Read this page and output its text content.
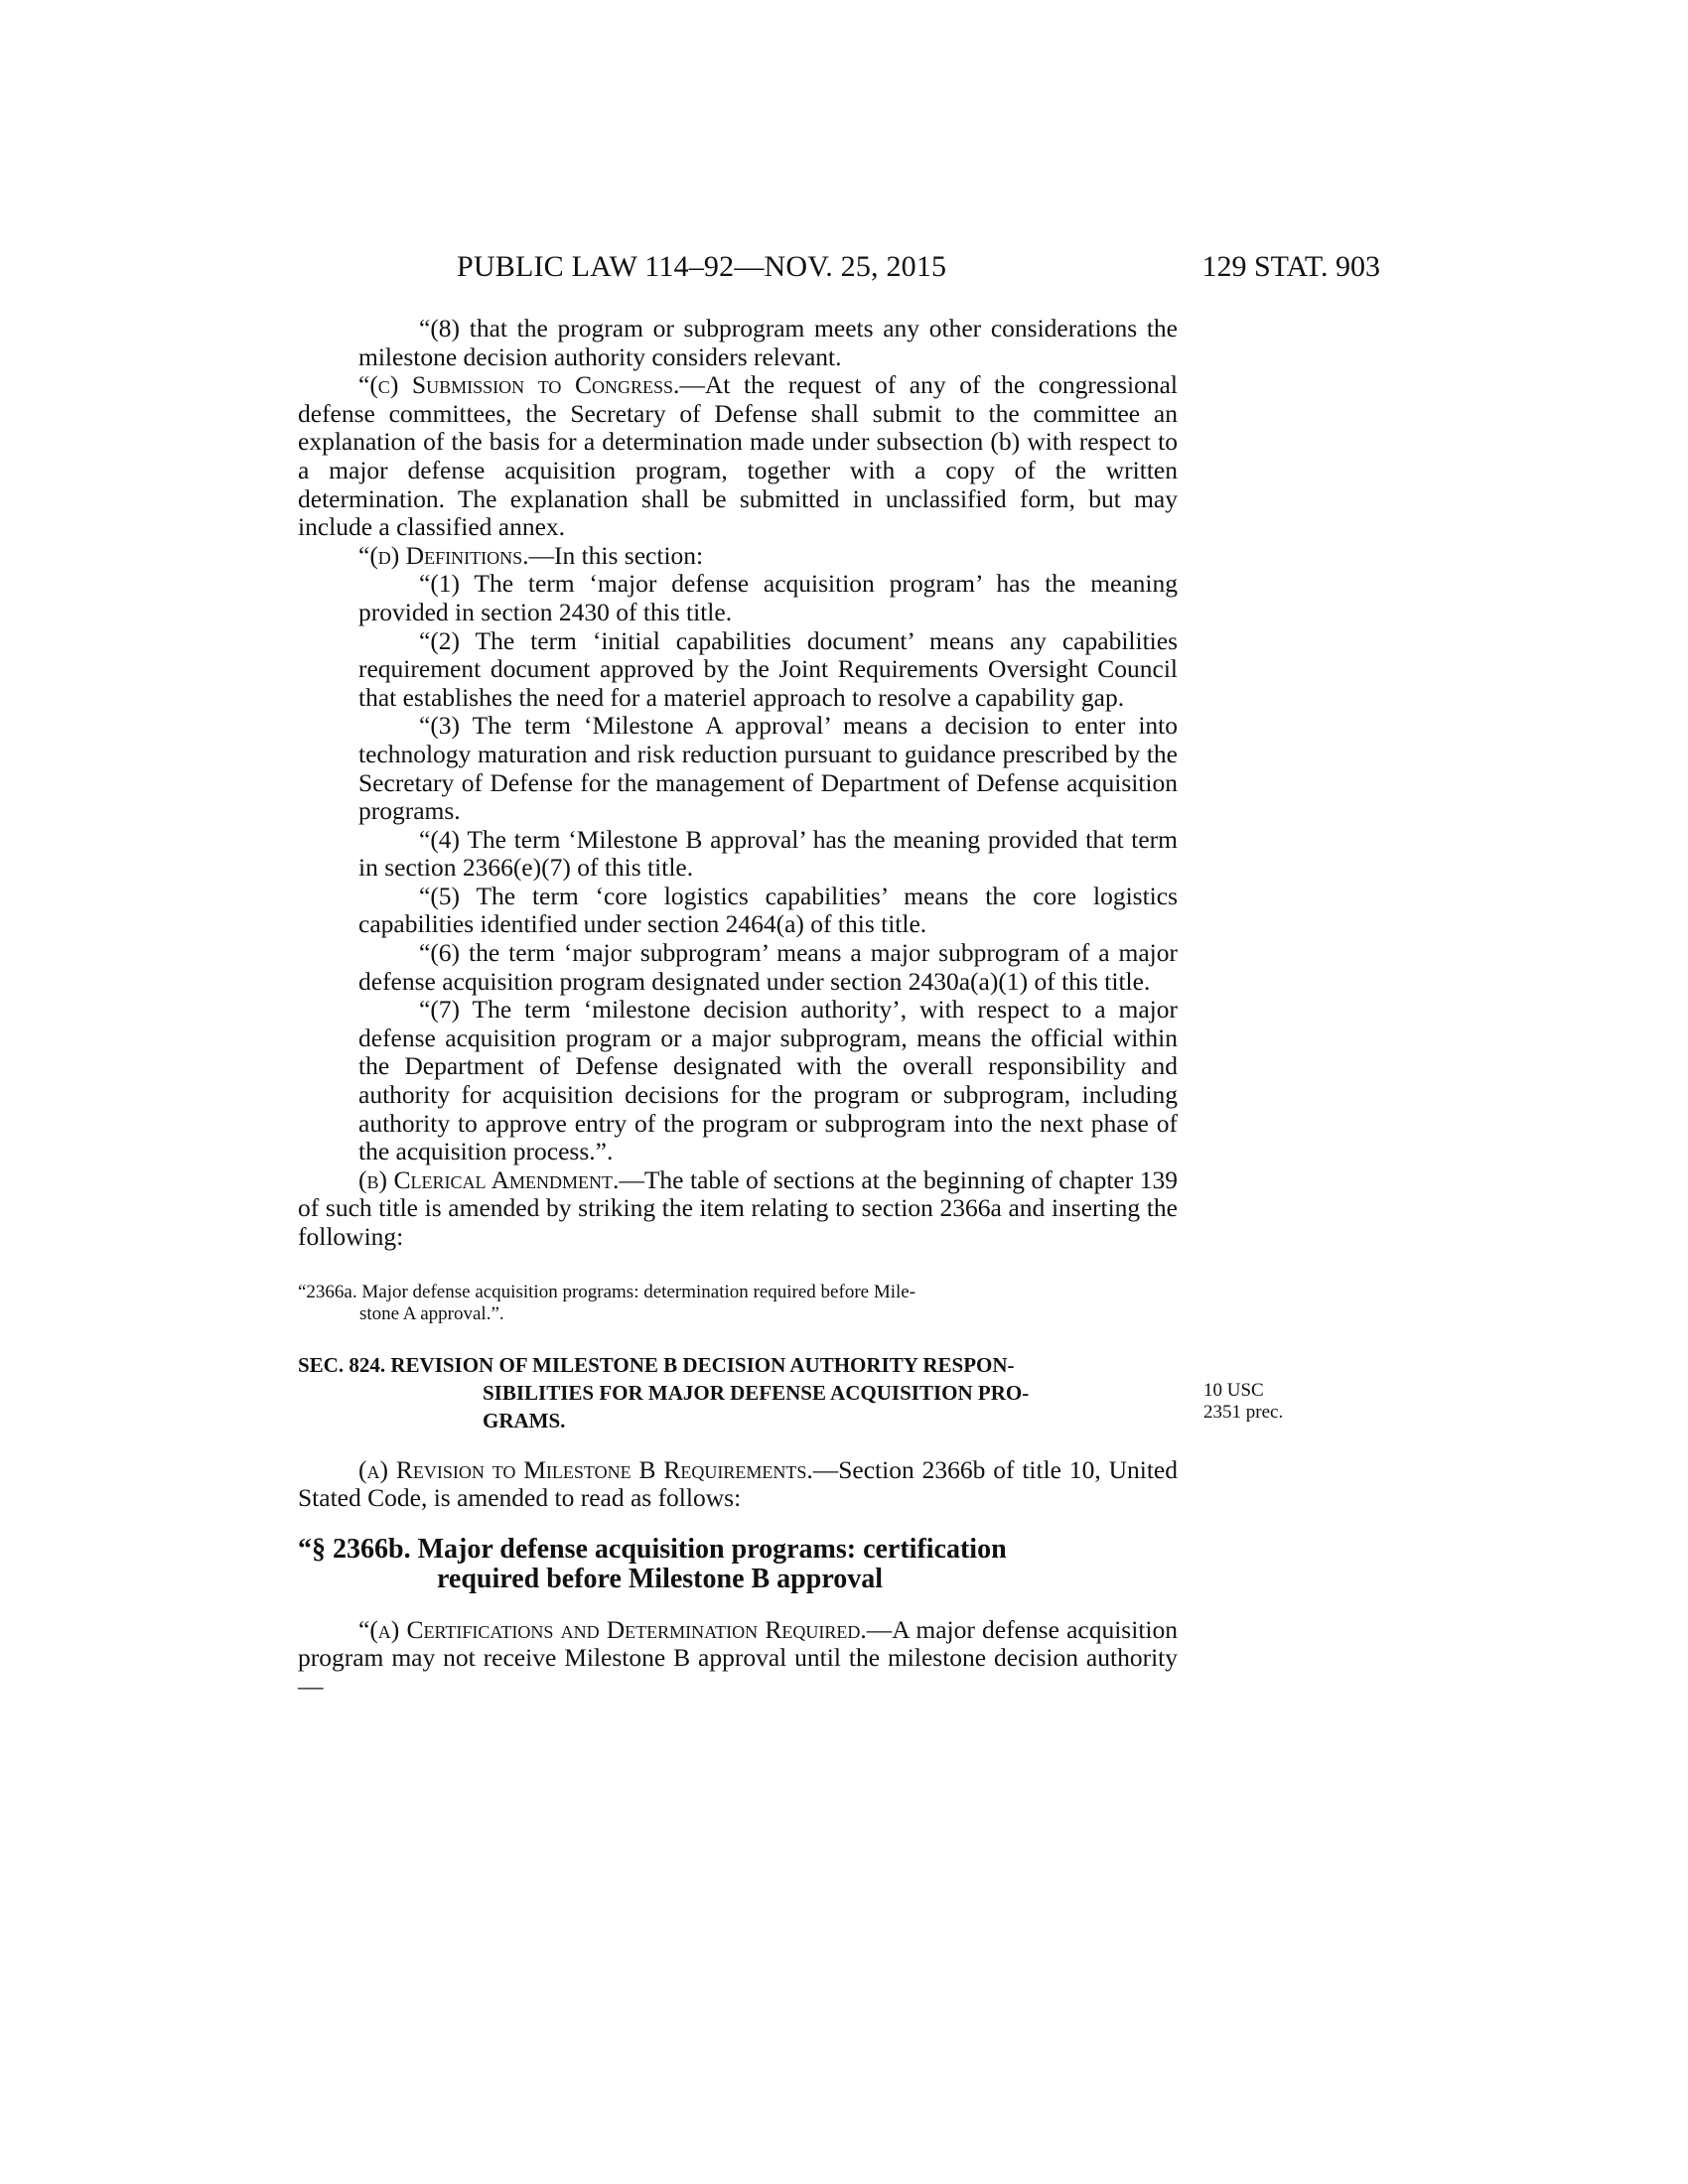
PUBLIC LAW 114–92—NOV. 25, 2015	129 STAT. 903

“(8) that the program or subprogram meets any other considerations the milestone decision authority considers relevant.

“(c) Submission to Congress.—At the request of any of the congressional defense committees, the Secretary of Defense shall submit to the committee an explanation of the basis for a determination made under subsection (b) with respect to a major defense acquisition program, together with a copy of the written determination. The explanation shall be submitted in unclassified form, but may include a classified annex.

“(d) Definitions.—In this section:

“(1) The term ‘major defense acquisition program’ has the meaning provided in section 2430 of this title.

“(2) The term ‘initial capabilities document’ means any capabilities requirement document approved by the Joint Requirements Oversight Council that establishes the need for a materiel approach to resolve a capability gap.

“(3) The term ‘Milestone A approval’ means a decision to enter into technology maturation and risk reduction pursuant to guidance prescribed by the Secretary of Defense for the management of Department of Defense acquisition programs.

“(4) The term ‘Milestone B approval’ has the meaning provided that term in section 2366(e)(7) of this title.

“(5) The term ‘core logistics capabilities’ means the core logistics capabilities identified under section 2464(a) of this title.

“(6) the term ‘major subprogram’ means a major subprogram of a major defense acquisition program designated under section 2430a(a)(1) of this title.

“(7) The term ‘milestone decision authority’, with respect to a major defense acquisition program or a major subprogram, means the official within the Department of Defense designated with the overall responsibility and authority for acquisition decisions for the program or subprogram, including authority to approve entry of the program or subprogram into the next phase of the acquisition process.”.

(b) Clerical Amendment.—The table of sections at the beginning of chapter 139 of such title is amended by striking the item relating to section 2366a and inserting the following:

“2366a. Major defense acquisition programs: determination required before Mile-
stone A approval.”.

SEC. 824. REVISION OF MILESTONE B DECISION AUTHORITY RESPON-
SIBILITIES FOR MAJOR DEFENSE ACQUISITION PRO-
GRAMS.

(a) Revision to Milestone B Requirements.—Section 2366b of title 10, United Stated Code, is amended to read as follows:

“§ 2366b. Major defense acquisition programs: certification
required before Milestone B approval

“(a) Certifications and Determination Required.—A major defense acquisition program may not receive Milestone B approval until the milestone decision authority—

10 USC
2351 prec.
